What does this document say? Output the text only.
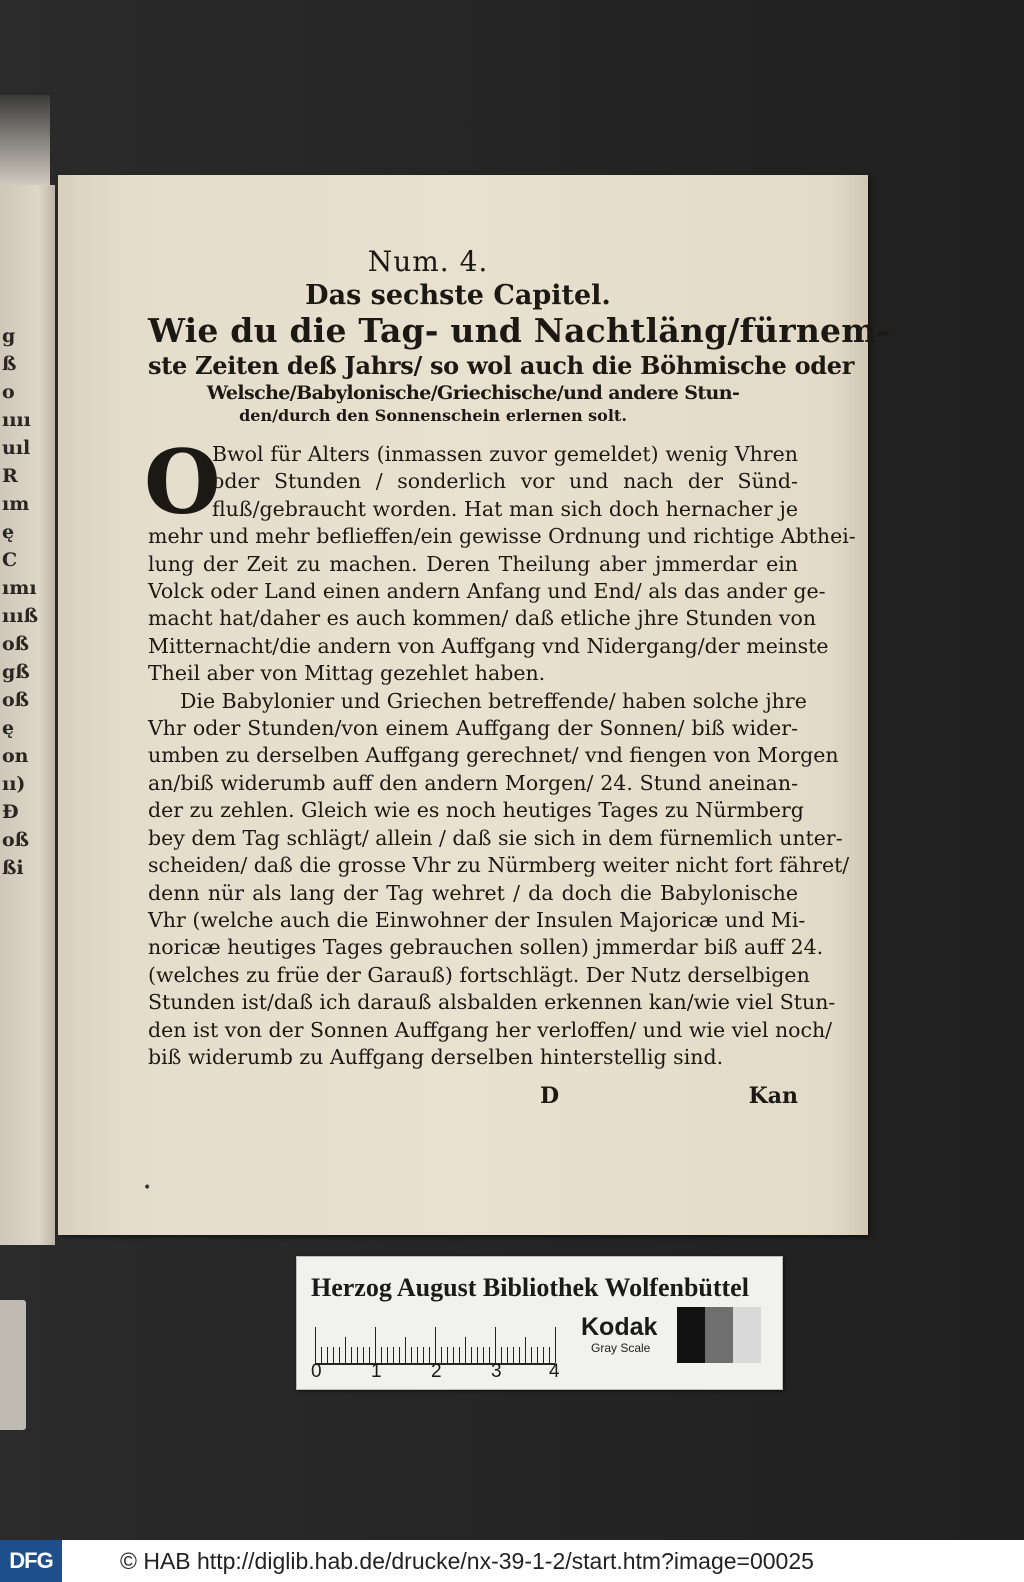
g
ß
o
ıııı
uıl
R
ım
ę
C
ımı
ıııß
oß
gß
oß
ę
on
ıı)
Ɖ
oß
ßi
Num. 4.
Das sechste Capitel.
Wie du die Tag- und Nachtläng/fürnem-
ste Zeiten deß Jahrs/ so wol auch die Böhmische oder
Welsche/Babylonische/Griechische/und andere Stun-
den/durch den Sonnenschein erlernen solt.
O
Bwol für Alters (inmassen zuvor gemeldet) wenig Vhren
oder Stunden / sonderlich vor und nach der Sünd-
fluß/gebraucht worden. Hat man sich doch hernacher je
mehr und mehr beflieffen/ein gewisse Ordnung und richtige Abthei-
lung der Zeit zu machen. Deren Theilung aber jmmerdar ein
Volck oder Land einen andern Anfang und End/ als das ander ge-
macht hat/daher es auch kommen/ daß etliche jhre Stunden von
Mitternacht/die andern von Auffgang vnd Nidergang/der meinste
Theil aber von Mittag gezehlet haben.
Die Babylonier und Griechen betreffende/ haben solche jhre
Vhr oder Stunden/von einem Auffgang der Sonnen/ biß wider-
umben zu derselben Auffgang gerechnet/ vnd fiengen von Morgen
an/biß widerumb auff den andern Morgen/ 24. Stund aneinan-
der zu zehlen. Gleich wie es noch heutiges Tages zu Nürmberg
bey dem Tag schlägt/ allein / daß sie sich in dem fürnemlich unter-
scheiden/ daß die grosse Vhr zu Nürmberg weiter nicht fort fähret/
denn nür als lang der Tag wehret / da doch die Babylonische
Vhr (welche auch die Einwohner der Insulen Majoricæ und Mi-
noricæ heutiges Tages gebrauchen sollen) jmmerdar biß auff 24.
(welches zu früe der Garauß) fortschlägt. Der Nutz derselbigen
Stunden ist/daß ich darauß alsbalden erkennen kan/wie viel Stun-
den ist von der Sonnen Auffgang her verloffen/ und wie viel noch/
biß widerumb zu Auffgang derselben hinterstellig sind.
D	Kan
•
Herzog August Bibliothek Wolfenbüttel
0	1	2	3 4
Kodak
Gray Scale
DFG	© HAB http://diglib.hab.de/drucke/nx-39-1-2/start.htm?image=00025
